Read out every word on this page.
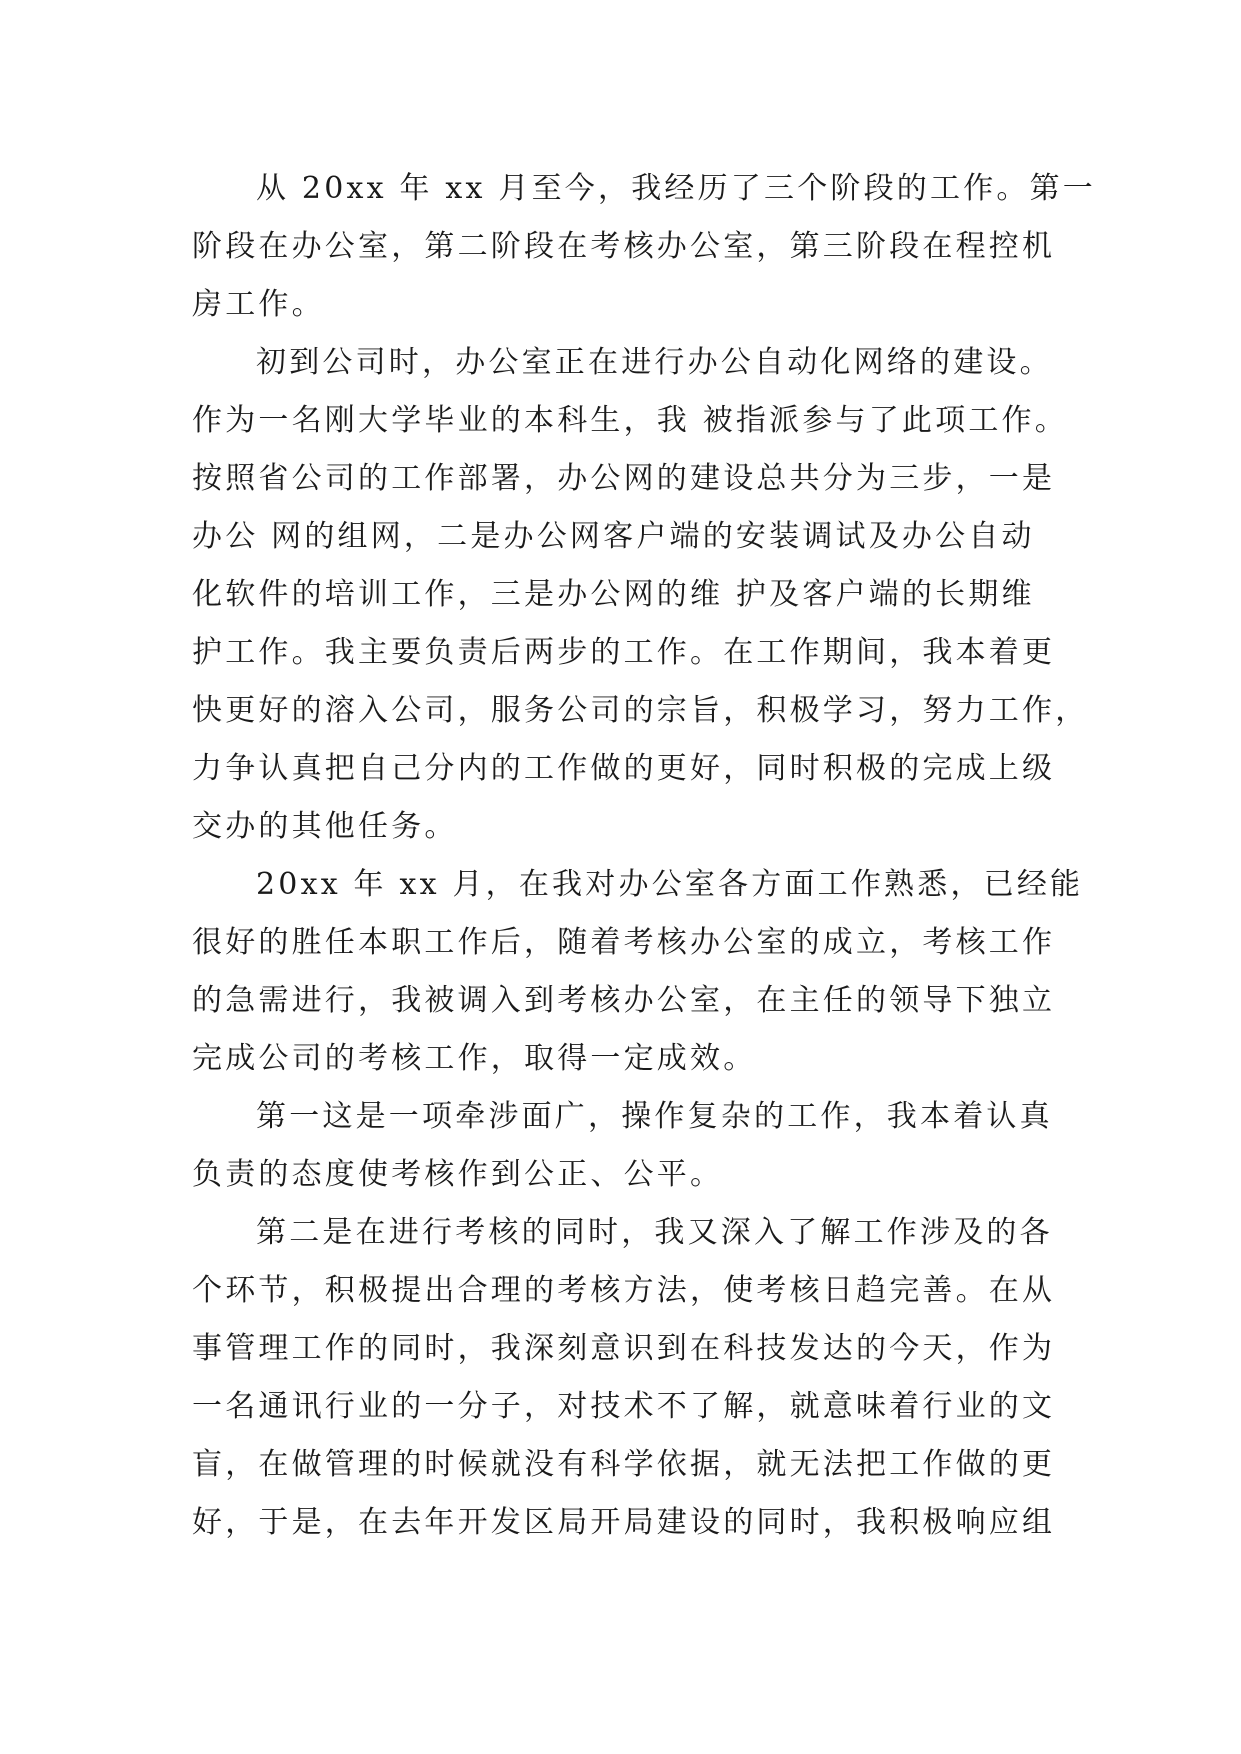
从 20xx 年 xx 月至今，我经历了三个阶段的工作。第一
阶段在办公室，第二阶段在考核办公室，第三阶段在程控机
房工作。
初到公司时，办公室正在进行办公自动化网络的建设。
作为一名刚大学毕业的本科生，我 被指派参与了此项工作。
按照省公司的工作部署，办公网的建设总共分为三步，一是
办公 网的组网，二是办公网客户端的安装调试及办公自动
化软件的培训工作，三是办公网的维 护及客户端的长期维
护工作。我主要负责后两步的工作。在工作期间，我本着更
快更好的溶入公司，服务公司的宗旨，积极学习，努力工作，
力争认真把自己分内的工作做的更好，同时积极的完成上级
交办的其他任务。
20xx 年 xx 月，在我对办公室各方面工作熟悉，已经能
很好的胜任本职工作后，随着考核办公室的成立，考核工作
的急需进行，我被调入到考核办公室，在主任的领导下独立
完成公司的考核工作，取得一定成效。
第一这是一项牵涉面广，操作复杂的工作，我本着认真
负责的态度使考核作到公正、公平。
第二是在进行考核的同时，我又深入了解工作涉及的各
个环节，积极提出合理的考核方法，使考核日趋完善。在从
事管理工作的同时，我深刻意识到在科技发达的今天，作为
一名通讯行业的一分子，对技术不了解，就意味着行业的文
盲，在做管理的时候就没有科学依据，就无法把工作做的更
好，于是，在去年开发区局开局建设的同时，我积极响应组
